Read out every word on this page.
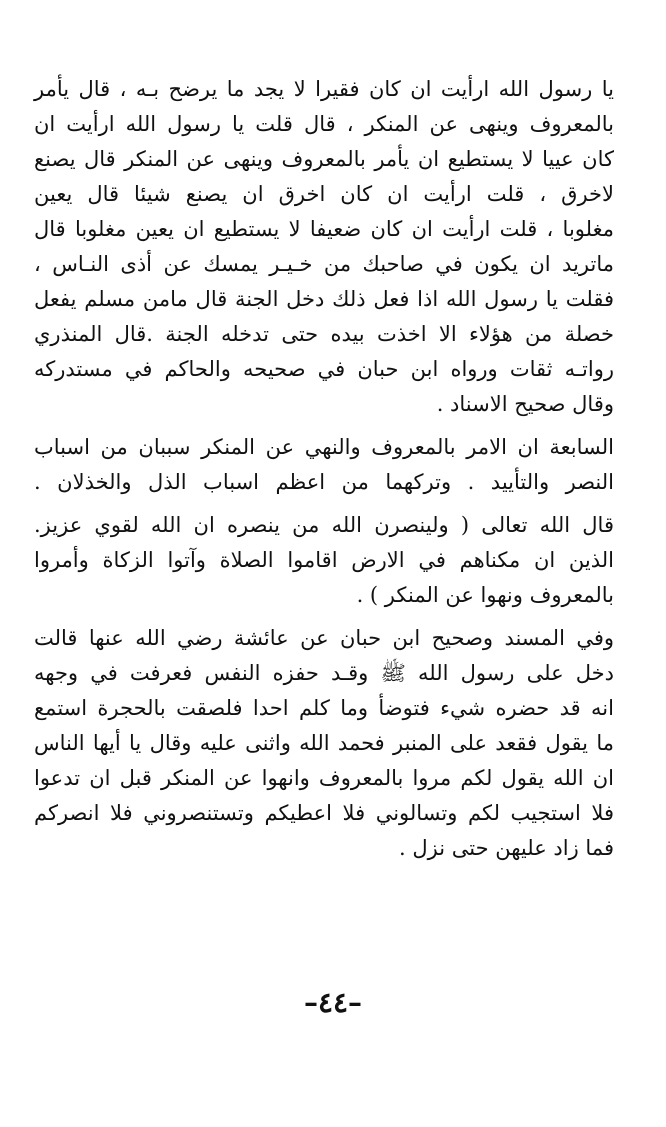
يا رسول الله ارأيت ان كان فقيرا لا يجد ما يرضح بـه ، قال يأمر
بالمعروف وينهى عن المنكر ، قال قلت يا رسول الله ارأيت ان
كان عييا لا يستطيع ان يأمر بالمعروف وينهى عن المنكر قال يصنع
لاخرق ، قلت ارأيت ان كان اخرق ان يصنع شيئا قال يعين
مغلوبا ، قلت ارأيت ان كان ضعيفا لا يستطيع ان يعين مغلوبا قال
ماتريد ان يكون في صاحبك من خـيـر يمسك عن أذى النـاس ،
فقلت يا رسول الله اذا فعل ذلك دخل الجنة قال مامن مسلم يفعل
خصلة من هؤلاء الا اخذت بيده حتى تدخله الجنة .قال المنذري
رواتـه ثقات ورواه ابن حبان في صحيحه والحاكم في مستدركه
وقال صحيح الاسناد .
السابعة ان الامر بالمعروف والنهي عن المنكر سببان من اسباب
النصر والتأييد . وتركهما من اعظم اسباب الذل والخذلان .
قال الله تعالى ( ولينصرن الله من ينصره ان الله لقوي عزيز.
الذين ان مكناهم في الارض اقاموا الصلاة وآتوا الزكاة وأمروا
بالمعروف ونهوا عن المنكر ) .
وفي المسند وصحيح ابن حبان عن عائشة رضي الله عنها قالت
دخل على رسول الله ﷺ وقـد حفزه النفس فعرفت في وجهه
انه قد حضره شيء فتوضأ وما كلم احدا فلصقت بالحجرة استمع
ما يقول فقعد على المنبر فحمد الله واثنى عليه وقال يا أيها الناس
ان الله يقول لكم مروا بالمعروف وانهوا عن المنكر قبل ان تدعوا
فلا استجيب لكم وتسالوني فلا اعطيكم وتستنصروني فلا انصركم
فما زاد عليهن حتى نزل .
–٤٤–
